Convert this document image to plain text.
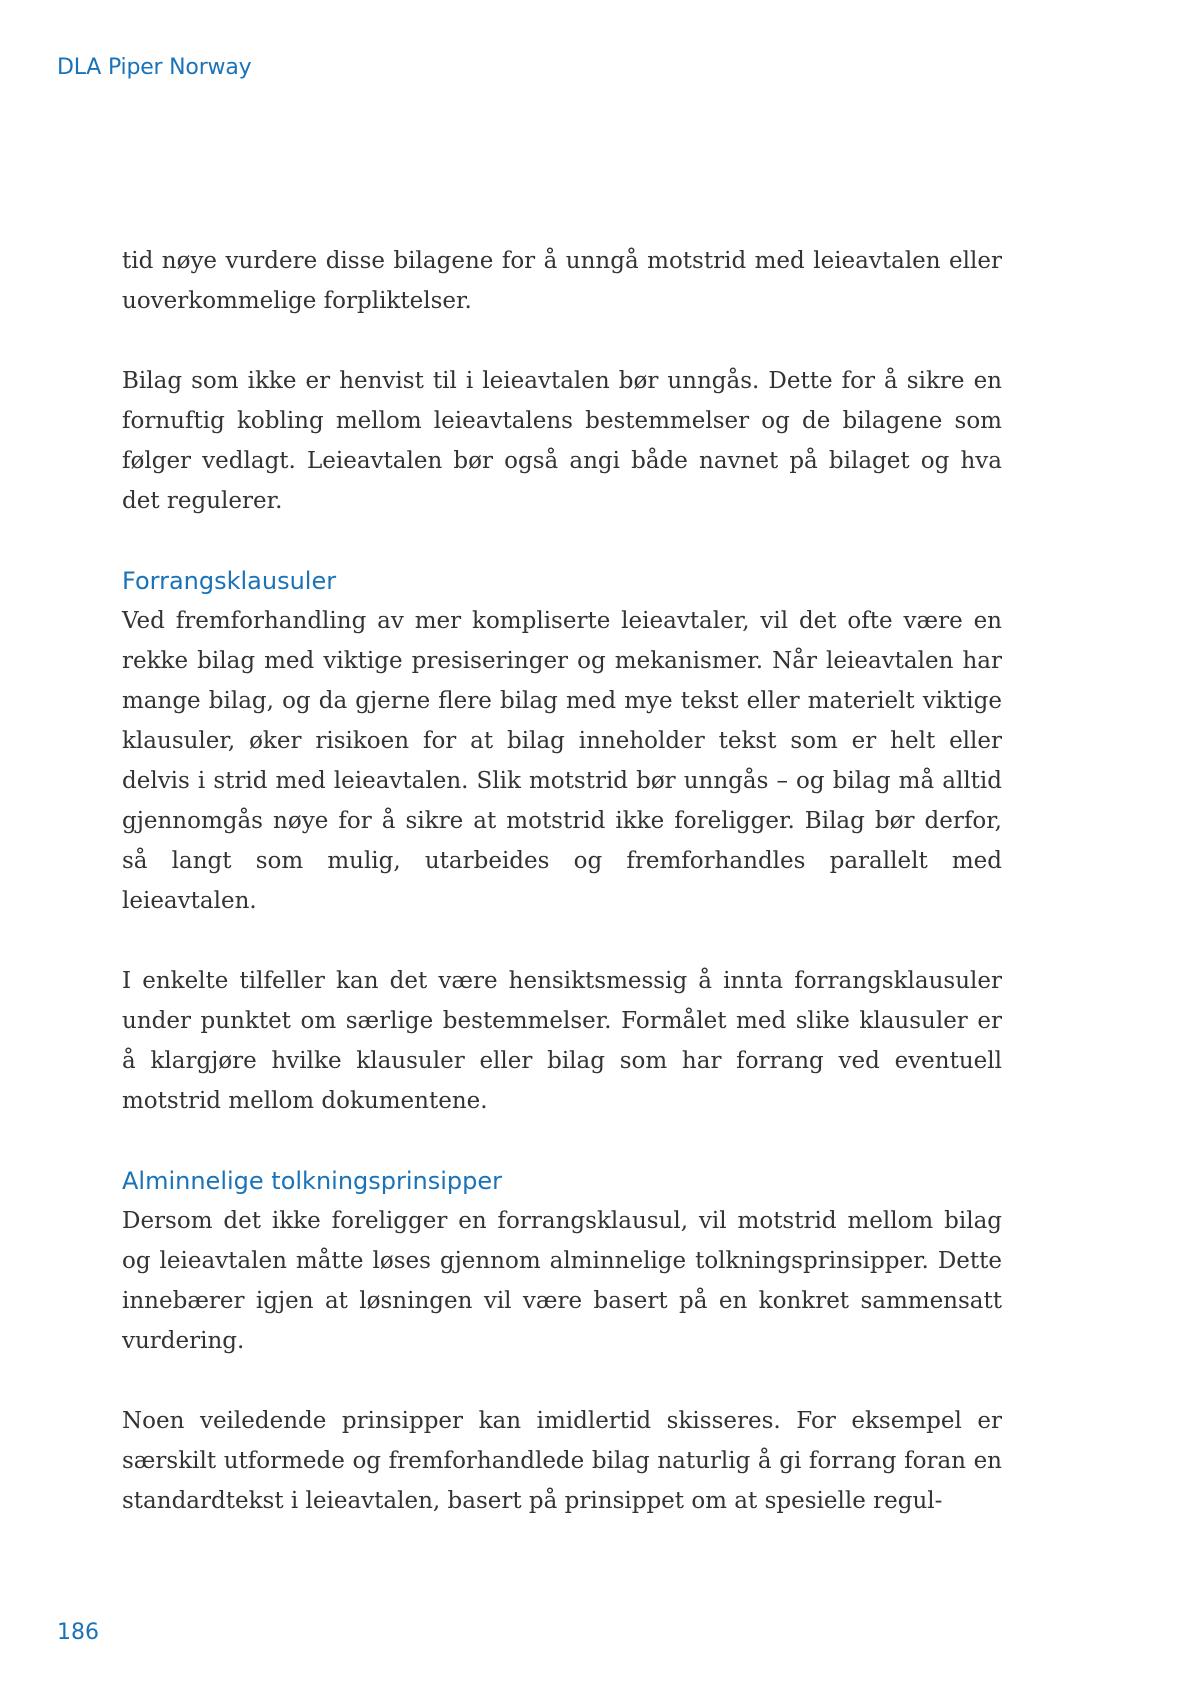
DLA Piper Norway

tid nøye vurdere disse bilagene for å unngå motstrid med leieavtalen eller uoverkommelige forpliktelser.

Bilag som ikke er henvist til i leieavtalen bør unngås. Dette for å sikre en fornuftig kobling mellom leieavtalens bestemmelser og de bilagene som følger vedlagt. Leieavtalen bør også angi både navnet på bilaget og hva det regulerer.

Forrangsklausuler

Ved fremforhandling av mer kompliserte leieavtaler, vil det ofte være en rekke bilag med viktige presiseringer og mekanismer. Når leieavtalen har mange bilag, og da gjerne flere bilag med mye tekst eller materielt viktige klausuler, øker risikoen for at bilag inneholder tekst som er helt eller delvis i strid med leieavtalen. Slik motstrid bør unngås – og bilag må alltid gjennomgås nøye for å sikre at motstrid ikke foreligger. Bilag bør derfor, så langt som mulig, utarbeides og fremforhandles parallelt med leieavtalen.

I enkelte tilfeller kan det være hensiktsmessig å innta forrangsklausuler under punktet om særlige bestemmelser. Formålet med slike klausuler er å klargjøre hvilke klausuler eller bilag som har forrang ved eventuell motstrid mellom dokumentene.

Alminnelige tolkningsprinsipper

Dersom det ikke foreligger en forrangsklausul, vil motstrid mellom bilag og leieavtalen måtte løses gjennom alminnelige tolkningsprinsipper. Dette innebærer igjen at løsningen vil være basert på en konkret sammensatt vurdering.

Noen veiledende prinsipper kan imidlertid skisseres. For eksempel er særskilt utformede og fremforhandlede bilag naturlig å gi forrang foran en standardtekst i leieavtalen, basert på prinsippet om at spesielle regul-

186
